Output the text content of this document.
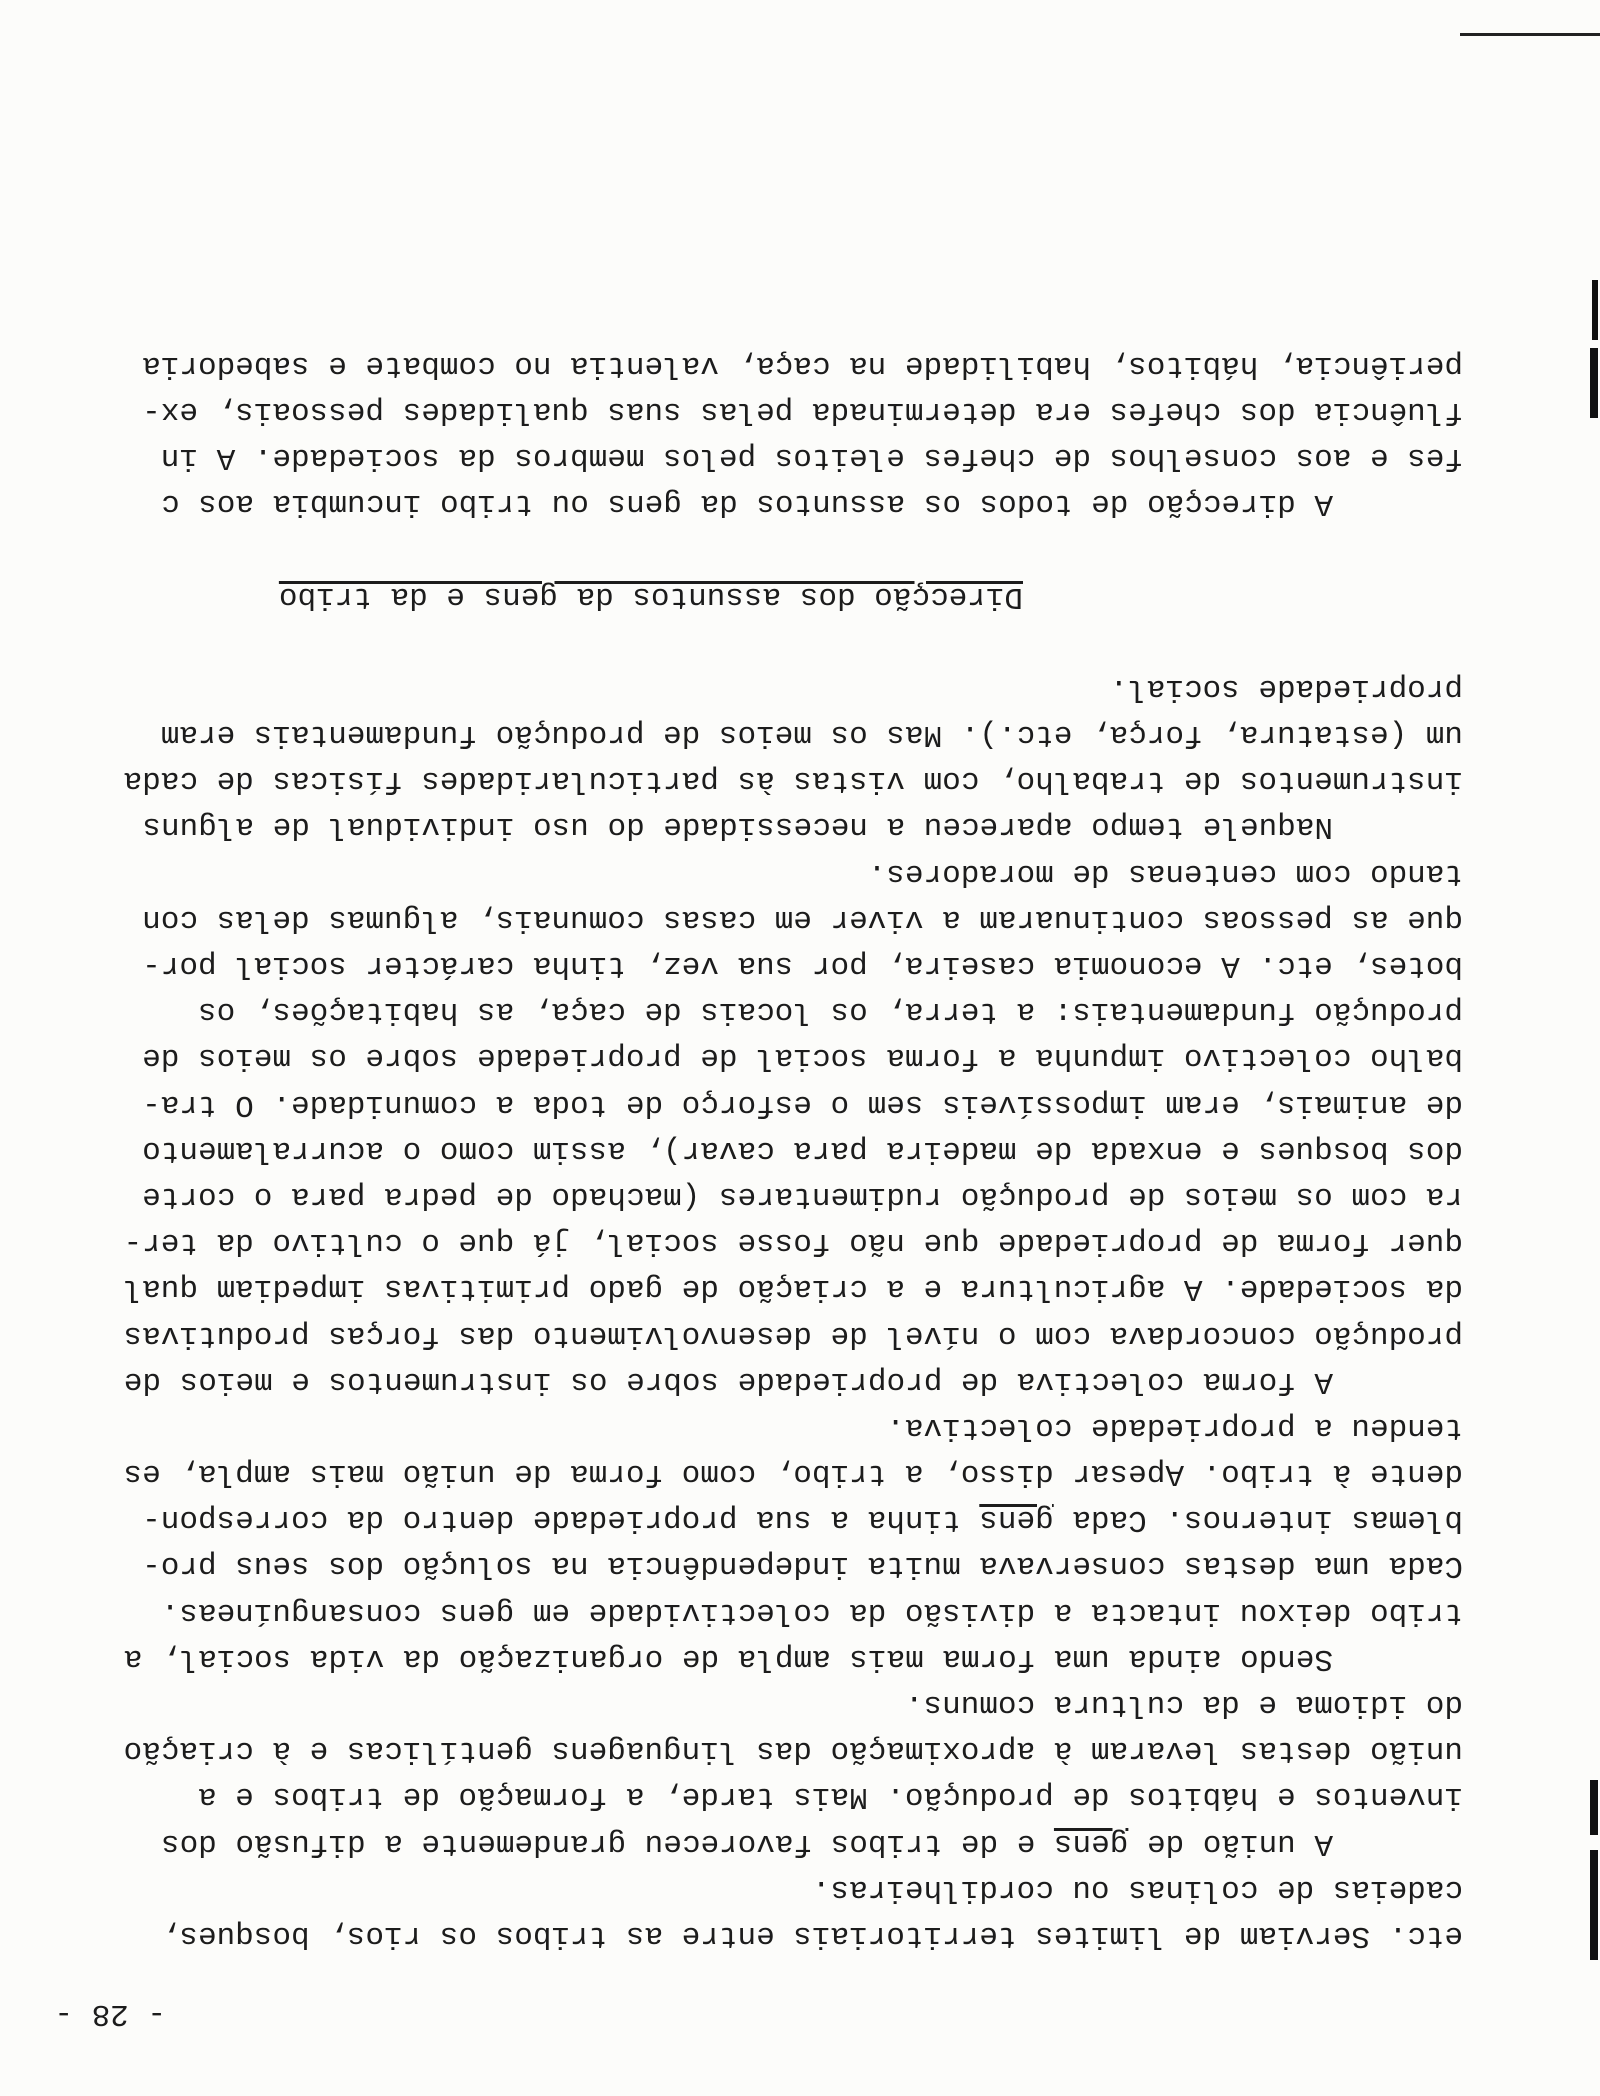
- 28 -
etc. Serviam de limites territoriais entre as tribos os rios, bosques,
cadeias de colinas ou cordilheiras.
A união de gens e de tribos favoreceu grandemente a difusão dos
inventos e hábitos de produção. Mais tarde, a formação de tribos e a
união destas levaram à aproximação das linguagens gentílicas e à criação
do idioma e da cultura comuns.
Sendo ainda uma forma mais ampla de organização da vida social, a
tribo deixou intacta a divisão da colectividade em gens consanguíneas.
Cada uma destas conservava muita independência na solução dos seus pro-
blemas internos. Cada gens tinha a sua propriedade dentro da correspon-
dente à tribo. Apesar disso, a tribo, como forma de união mais ampla, es
tendeu a propriedade colectiva.
A forma colectiva de propriedade sobre os instrumentos e meios de
produção concordava com o nível de desenvolvimento das forças produtivas
da sociedade. A agricultura e a criação de gado primitivas impediam qual
quer forma de propriedade que não fosse social, já que o cultivo da ter-
ra com os meios de produção rudimentares (machado de pedra para o corte
dos bosques e enxada de madeira para cavar), assim como o acurralamento
de animais, eram impossíveis sem o esforço de toda a comunidade. O tra-
balho colectivo impunha a forma social de propriedade sobre os meios de
produção fundamentais: a terra, os locais de caça, as habitações, os
botes, etc. A economia caseira, por sua vez, tinha carácter social por-
que as pessoas continuaram a viver em casas comunais, algumas delas con
tando com centenas de moradores.
Naquele tempo apareceu a necessidade do uso individual de alguns
instrumentos de trabalho, com vistas às particularidades físicas de cada
um (estatura, força, etc.). Mas os meios de produção fundamentais eram
propriedade social.
Direcção dos assuntos da gens e da tribo
A direcção de todos os assuntos da gens ou tribo incumbia aos c
fes e aos conselhos de chefes eleitos pelos membros da sociedade. A in
fluência dos chefes era determinada pelas suas qualidades pessoais, ex-
periência, hábitos, habilidade na caça, valentia no combate e sabedoria
